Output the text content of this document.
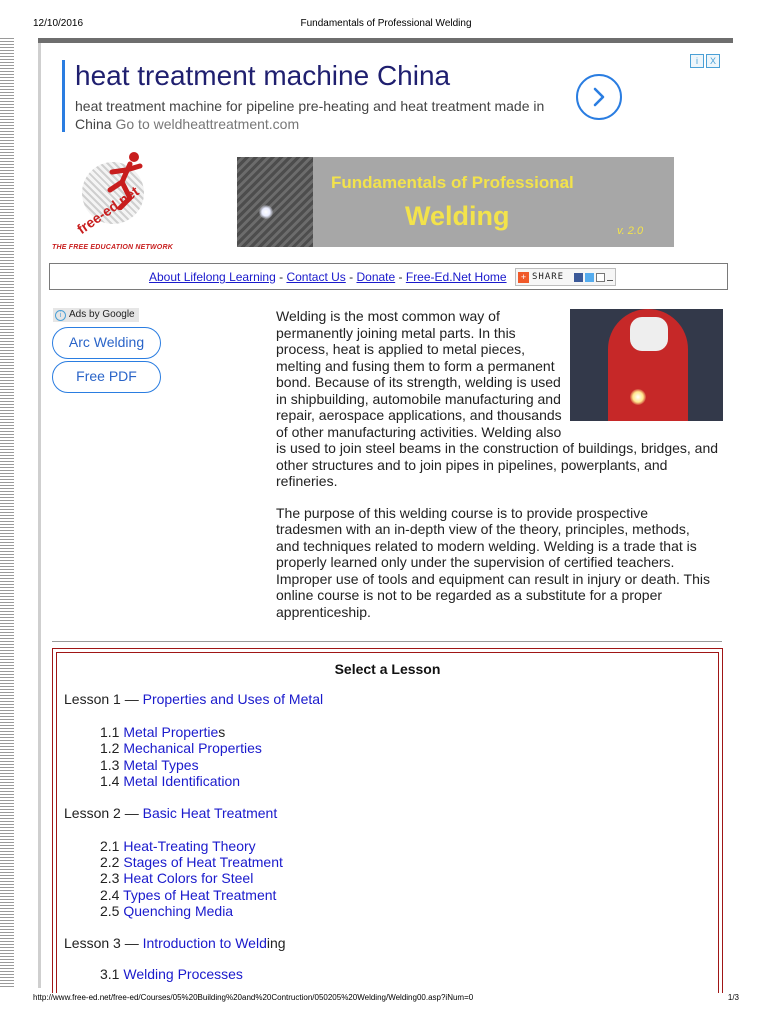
12/10/2016	Fundamentals of Professional Welding
heat treatment machine China
heat treatment machine for pipeline pre-heating and heat treatment made in China Go to weldheattreatment.com
i	X
free-ed.net
THE FREE EDUCATION NETWORK
Fundamentals of Professional
Welding	v. 2.0
About Lifelong Learning - Contact Us - Donate - Free-Ed.Net Home	+ SHARE
i Ads by Google
Arc Welding
Free PDF

Welding is the most common way of permanently joining metal parts. In this process, heat is applied to metal pieces, melting and fusing them to form a permanent bond. Because of its strength, welding is used in shipbuilding, automobile manufacturing and repair, aerospace applications, and thousands of other manufacturing activities. Welding also is used to join steel beams in the construction of buildings, bridges, and other structures and to join pipes in pipelines, powerplants, and refineries.

The purpose of this welding course is to provide prospective tradesmen with an in-depth view of the theory, principles, methods, and techniques related to modern welding. Welding is a trade that is properly learned only under the supervision of certified teachers. Improper use of tools and equipment can result in injury or death. This online course is not to be regarded as a substitute for a proper apprenticeship.

Select a Lesson
Lesson 1 — Properties and Uses of Metal
1.1 Metal Properties
1.2 Mechanical Properties
1.3 Metal Types
1.4 Metal Identification
Lesson 2 — Basic Heat Treatment
2.1 Heat-Treating Theory
2.2 Stages of Heat Treatment
2.3 Heat Colors for Steel
2.4 Types of Heat Treatment
2.5 Quenching Media
Lesson 3 — Introduction to Welding
3.1 Welding Processes
http://www.free-ed.net/free-ed/Courses/05%20Building%20and%20Contruction/050205%20Welding/Welding00.asp?iNum=0	1/3
